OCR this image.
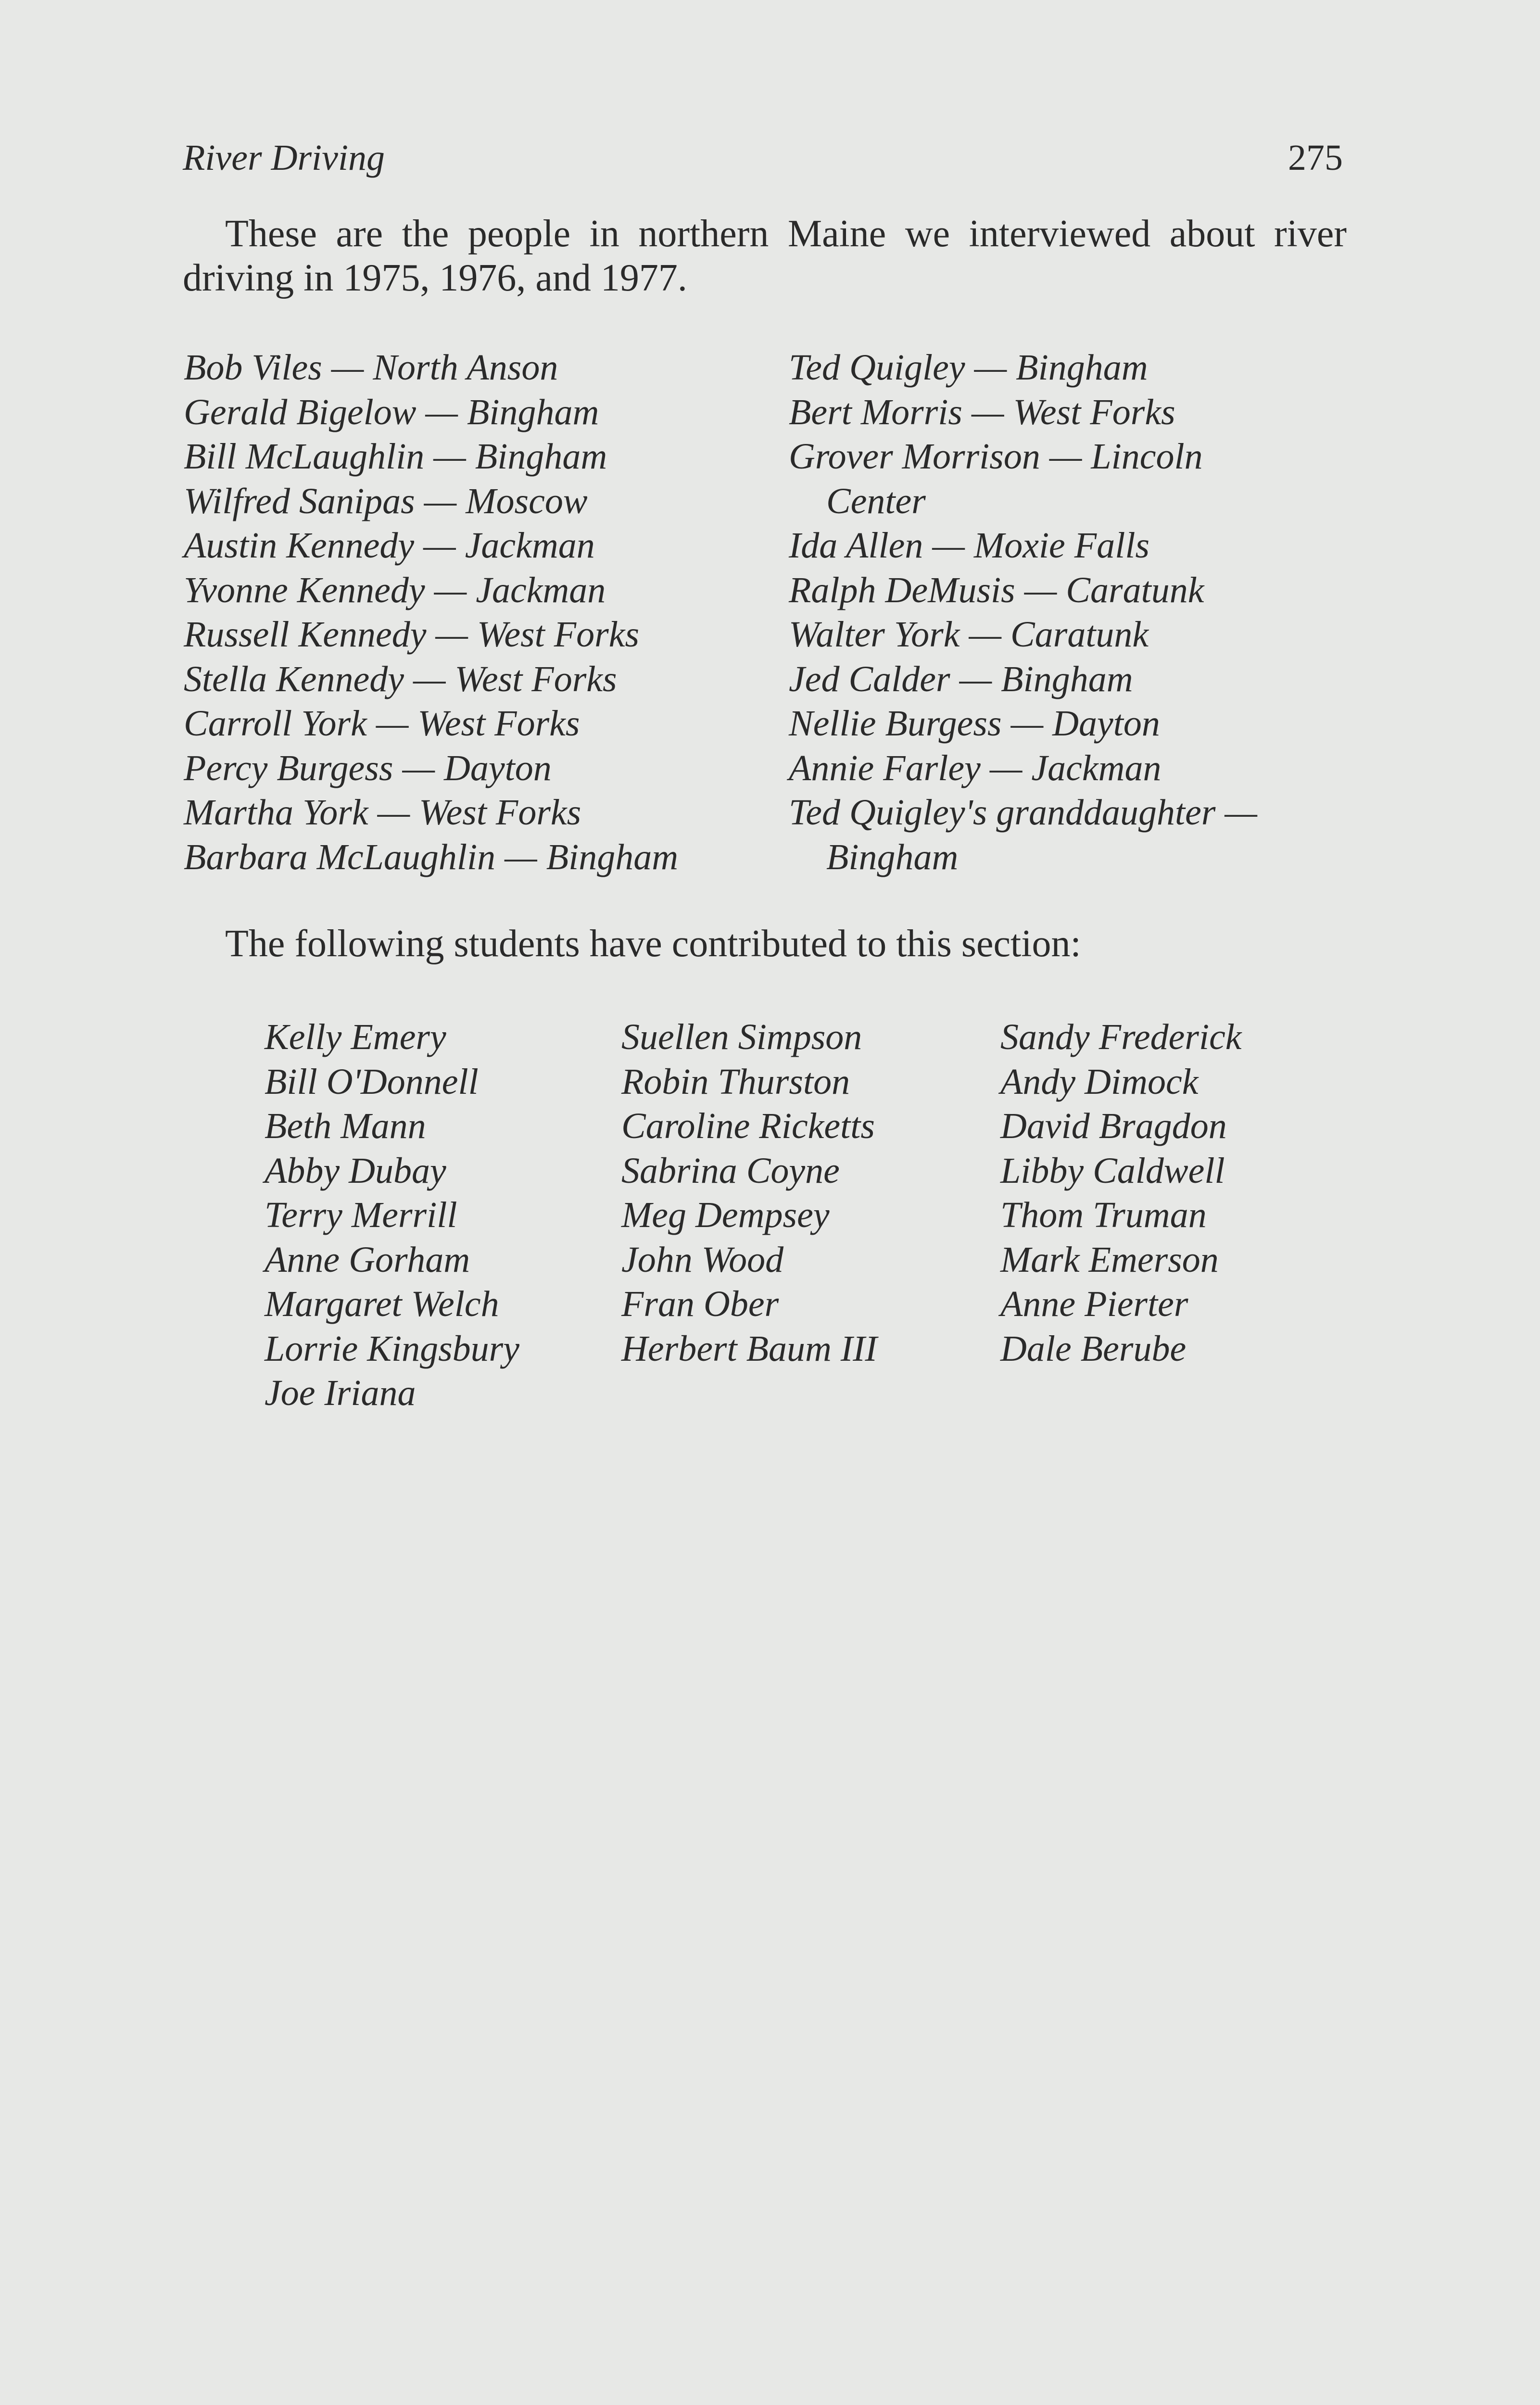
River Driving	275

These are the people in northern Maine we interviewed about river driving in 1975, 1976, and 1977.

Bob Viles — North Anson
Gerald Bigelow — Bingham
Bill McLaughlin — Bingham
Wilfred Sanipas — Moscow
Austin Kennedy — Jackman
Yvonne Kennedy — Jackman
Russell Kennedy — West Forks
Stella Kennedy — West Forks
Carroll York — West Forks
Percy Burgess — Dayton
Martha York — West Forks
Barbara McLaughlin — Bingham
Ted Quigley — Bingham
Bert Morris — West Forks
Grover Morrison — Lincoln
Center
Ida Allen — Moxie Falls
Ralph DeMusis — Caratunk
Walter York — Caratunk
Jed Calder — Bingham
Nellie Burgess — Dayton
Annie Farley — Jackman
Ted Quigley's granddaughter —
Bingham

The following students have contributed to this section:

Kelly Emery
Bill O'Donnell
Beth Mann
Abby Dubay
Terry Merrill
Anne Gorham
Margaret Welch
Lorrie Kingsbury
Joe Iriana
Suellen Simpson
Robin Thurston
Caroline Ricketts
Sabrina Coyne
Meg Dempsey
John Wood
Fran Ober
Herbert Baum III
Sandy Frederick
Andy Dimock
David Bragdon
Libby Caldwell
Thom Truman
Mark Emerson
Anne Pierter
Dale Berube
